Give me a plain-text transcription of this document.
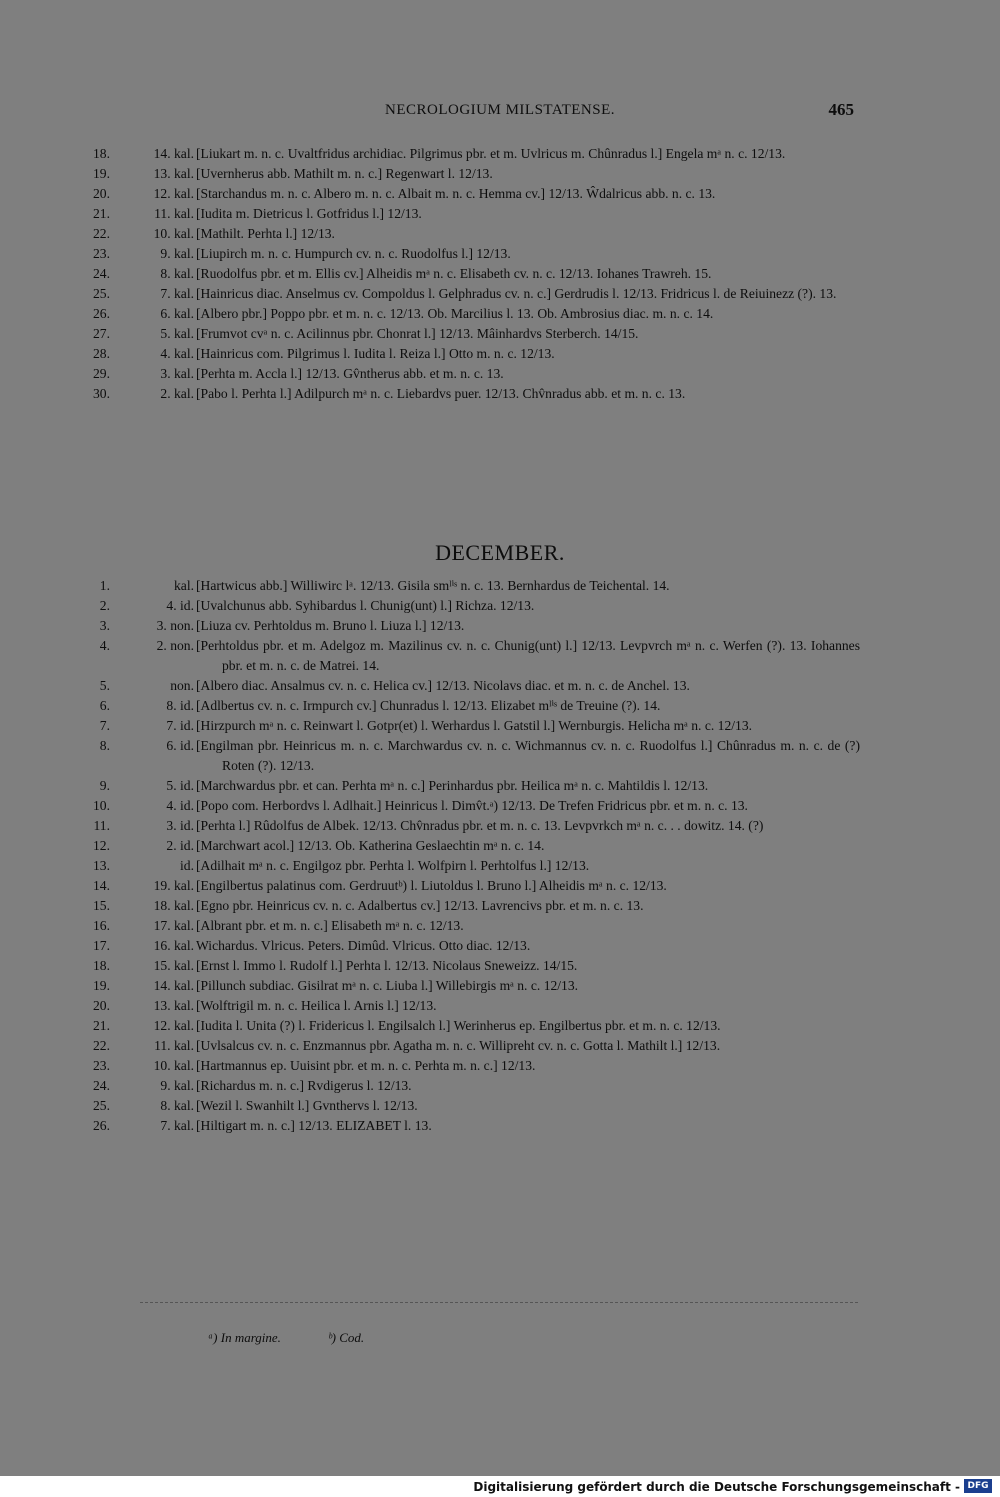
NECROLOGIUM MILSTATENSE.	465
18.	14. kal. [Liukart m. n. c. Uvaltfridus archidiac. Pilgrimus pbr. et m. Uvlricus m. Chûnradus l.] Engela mᵃ n. c. 12/13.
19.	13. kal. [Uvernherus abb. Mathilt m. n. c.] Regenwart l. 12/13.
20.	12. kal. [Starchandus m. n. c. Albero m. n. c. Albait m. n. c. Hemma cv.] 12/13. Ŵdalricus abb. n. c. 13.
21.	11. kal. [Iudita m. Dietricus l. Gotfridus l.] 12/13.
22.	10. kal. [Mathilt. Perhta l.] 12/13.
23.	9. kal. [Liupirch m. n. c. Humpurch cv. n. c. Ruodolfus l.] 12/13.
24.	8. kal. [Ruodolfus pbr. et m. Ellis cv.] Alheidis mᵃ n. c. Elisabeth cv. n. c. 12/13. Iohanes Trawreh. 15.
25.	7. kal. [Hainricus diac. Anselmus cv. Compoldus l. Gelphradus cv. n. c.] Gerdrudis l. 12/13. Fridricus l. de Reiuinezz (?). 13.
26.	6. kal. [Albero pbr.] Poppo pbr. et m. n. c. 12/13. Ob. Marcilius l. 13. Ob. Ambrosius diac. m. n. c. 14.
27.	5. kal. [Frumvot cvᵃ n. c. Acilinnus pbr. Chonrat l.] 12/13. Mâinhardvs Sterberch. 14/15.
28.	4. kal. [Hainricus com. Pilgrimus l. Iudita l. Reiza l.] Otto m. n. c. 12/13.
29.	3. kal. [Perhta m. Accla l.] 12/13. Gv̂ntherus abb. et m. n. c. 13.
30.	2. kal. [Pabo l. Perhta l.] Adilpurch mᵃ n. c. Liebardvs puer. 12/13. Chv̂nradus abb. et m. n. c. 13.
DECEMBER.
1.	kal. [Hartwicus abb.] Williwirc lᵃ. 12/13. Gisila smˡⁱˢ n. c. 13. Bernhardus de Teichental. 14.
2.	4. id. [Uvalchunus abb. Syhibardus l. Chunig(unt) l.] Richza. 12/13.
3.	3. non. [Liuza cv. Perhtoldus m. Bruno l. Liuza l.] 12/13.
4.	2. non. [Perhtoldus pbr. et m. Adelgoz m. Mazilinus cv. n. c. Chunig(unt) l.] 12/13. Levpvrch mᵃ n. c. Werfen (?). 13. Iohannes pbr. et m. n. c. de Matrei. 14.
5.	non. [Albero diac. Ansalmus cv. n. c. Helica cv.] 12/13. Nicolavs diac. et m. n. c. de Anchel. 13.
6.	8. id. [Adlbertus cv. n. c. Irmpurch cv.] Chunradus l. 12/13. Elizabet mˡⁱˢ de Treuine (?). 14.
7.	7. id. [Hirzpurch mᵃ n. c. Reinwart l. Gotpr(et) l. Werhardus l. Gatstil l.] Wernburgis. Helicha mᵃ n. c. 12/13.
8.	6. id. [Engilman pbr. Heinricus m. n. c. Marchwardus cv. n. c. Wichmannus cv. n. c. Ruodolfus l.] Chûnradus m. n. c. de (?) Roten (?). 12/13.
9.	5. id. [Marchwardus pbr. et can. Perhta mᵃ n. c.] Perinhardus pbr. Heilica mᵃ n. c. Mahtildis l. 12/13.
10.	4. id. [Popo com. Herbordvs l. Adlhait.] Heinricus l. Dimv̂t.ᵃ) 12/13. De Trefen Fridricus pbr. et m. n. c. 13.
11.	3. id. [Perhta l.] Rûdolfus de Albek. 12/13. Chv̂nradus pbr. et m. n. c. 13. Levpvrkch mᵃ n. c. . . dowitz. 14. (?)
12.	2. id. [Marchwart acol.] 12/13. Ob. Katherina Geslaechtin mᵃ n. c. 14.
13.	id. [Adilhait mᵃ n. c. Engilgoz pbr. Perhta l. Wolfpirn l. Perhtolfus l.] 12/13.
14.	19. kal. [Engilbertus palatinus com. Gerdruutᵇ) l. Liutoldus l. Bruno l.] Alheidis mᵃ n. c. 12/13.
15.	18. kal. [Egno pbr. Heinricus cv. n. c. Adalbertus cv.] 12/13. Lavrencivs pbr. et m. n. c. 13.
16.	17. kal. [Albrant pbr. et m. n. c.] Elisabeth mᵃ n. c. 12/13.
17.	16. kal. Wichardus. Vlricus. Peters. Dimûd. Vlricus. Otto diac. 12/13.
18.	15. kal. [Ernst l. Immo l. Rudolf l.] Perhta l. 12/13. Nicolaus Sneweizz. 14/15.
19.	14. kal. [Pillunch subdiac. Gisilrat mᵃ n. c. Liuba l.] Willebirgis mᵃ n. c. 12/13.
20.	13. kal. [Wolftrigil m. n. c. Heilica l. Arnis l.] 12/13.
21.	12. kal. [Iudita l. Unita (?) l. Fridericus l. Engilsalch l.] Werinherus ep. Engilbertus pbr. et m. n. c. 12/13.
22.	11. kal. [Uvlsalcus cv. n. c. Enzmannus pbr. Agatha m. n. c. Willipreht cv. n. c. Gotta l. Mathilt l.] 12/13.
23.	10. kal. [Hartmannus ep. Uuisint pbr. et m. n. c. Perhta m. n. c.] 12/13.
24.	9. kal. [Richardus m. n. c.] Rvdigerus l. 12/13.
25.	8. kal. [Wezil l. Swanhilt l.] Gvnthervs l. 12/13.
26.	7. kal. [Hiltigart m. n. c.] 12/13. ELIZABET l. 13.
ᵃ) In margine.	ᵇ) Cod.
Digitalisierung gefördert durch die Deutsche Forschungsgemeinschaft - DFG
